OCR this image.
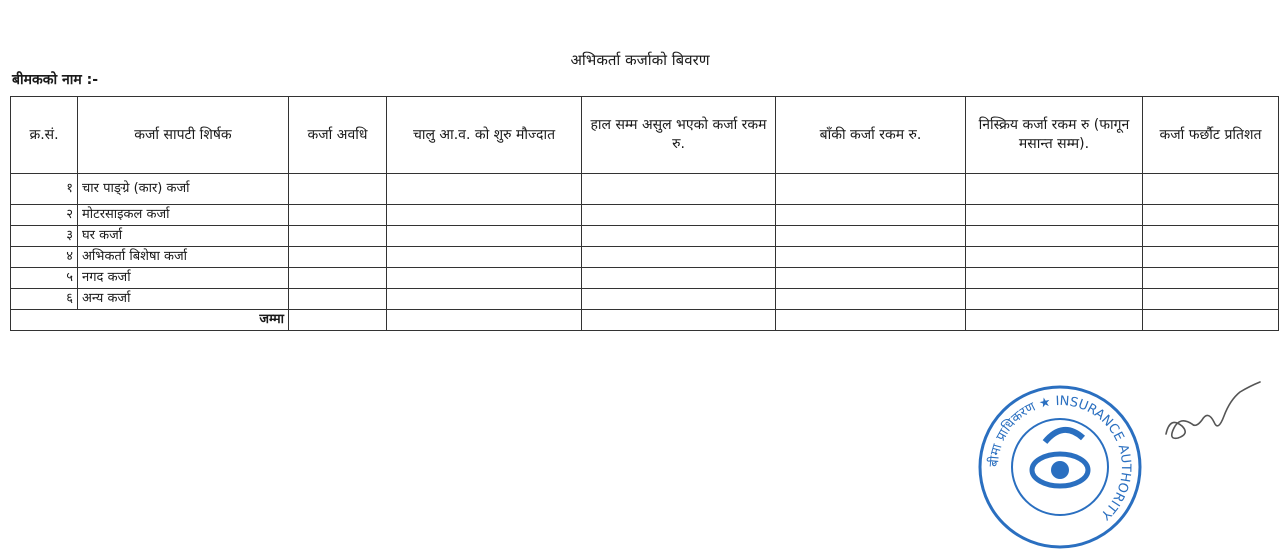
अभिकर्ता कर्जाको बिवरण
बीमकको नाम :-
क्र.सं.	कर्जा सापटी शिर्षक	कर्जा अवधि	चालु आ.व. को शुरु मौज्दात	हाल सम्म असुल भएको कर्जा रकम रु.	बाँकी कर्जा रकम रु.	निस्क्रिय कर्जा रकम रु (फागून मसान्त सम्म).	कर्जा फर्छौट प्रतिशत
१	चार पाङ्ग्रे (कार) कर्जा						
२	मोटरसाइकल कर्जा						
३	घर कर्जा						
४	अभिकर्ता बिशेषा कर्जा						
५	नगद कर्जा						
६	अन्य कर्जा						
जम्मा							
बीमा प्राधिकरण ★ INSURANCE AUTHORITY
